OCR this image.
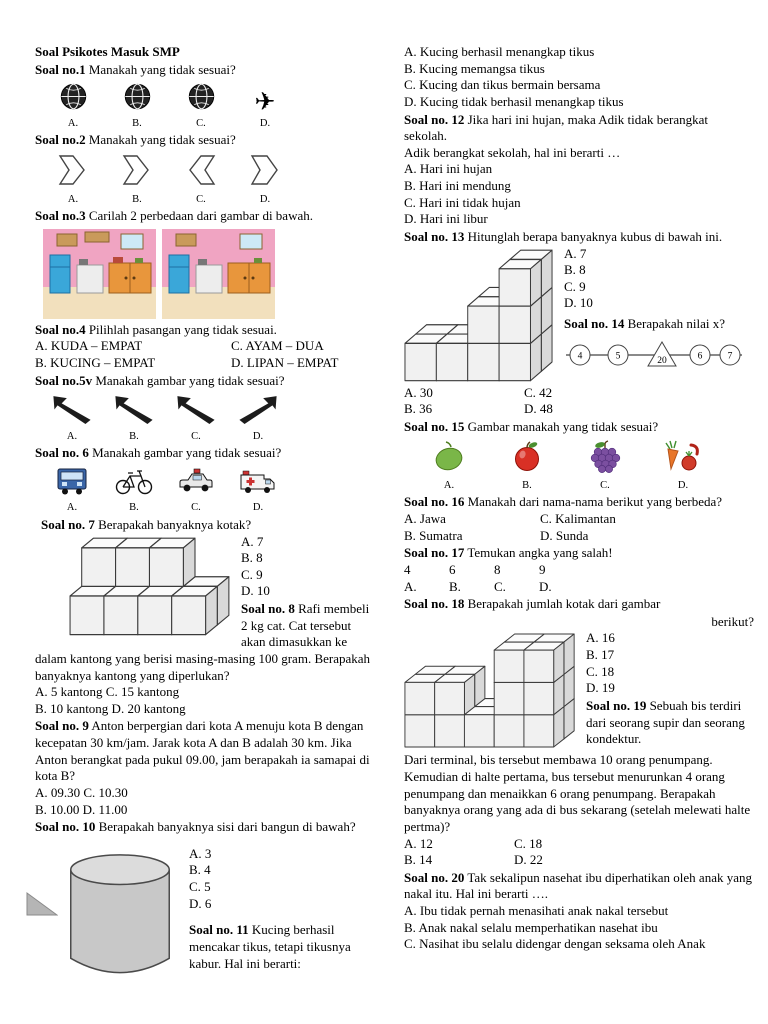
Soal Psikotes Masuk SMP

Soal no.1 Manakah yang tidak sesuai?

A.	B.	C.
✈
D.

Soal no.2 Manakah yang tidak sesuai?

A.	B.	C.	D.

Soal no.3 Carilah 2 perbedaan dari gambar di bawah.

Soal no.4 Pilihlah pasangan yang tidak sesuai.

A. KUDA – EMPAT	C. AYAM – DUA
B. KUCING – EMPAT	D. LIPAN – EMPAT

Soal no.5v Manakah gambar yang tidak sesuai?

A.	B.	C.	D.

Soal no. 6 Manakah gambar yang tidak sesuai?

A.	B.	C.	D.

Soal no. 7 Berapakah banyaknya kotak?

A. 7
B. 8
C. 9
D. 10

Soal no. 8 Rafi membeli 2 kg cat. Cat tersebut akan dimasukkan ke dalam kantong yang berisi masing-masing 100 gram. Berapakah banyaknya kantong yang diperlukan?

A. 5 kantong C. 15 kantong
B. 10 kantong D. 20 kantong

Soal no. 9 Anton berpergian dari kota A menuju kota B dengan kecepatan 30 km/jam. Jarak kota A dan B adalah 30 km. Jika Anton berangkat pada pukul 09.00, jam berapakah ia samapai di kota B?

A. 09.30 C. 10.30
B. 10.00 D. 11.00

Soal no. 10 Berapakah banyaknya sisi dari bangun di bawah?

A. 3
B. 4
C. 5
D. 6

Soal no. 11 Kucing berhasil mencakar tikus, tetapi tikusnya kabur. Hal ini berarti:

A. Kucing berhasil menangkap tikus
B. Kucing memangsa tikus
C. Kucing dan tikus bermain bersama
D. Kucing tidak berhasil menangkap tikus

Soal no. 12 Jika hari ini hujan, maka Adik tidak berangkat sekolah.

Adik berangkat sekolah, hal ini berarti …
A. Hari ini hujan
B. Hari ini mendung
C. Hari ini tidak hujan
D. Hari ini libur

Soal no. 13 Hitunglah berapa banyaknya kubus di bawah ini.

A. 7
B. 8
C. 9
D. 10

Soal no. 14 Berapakah nilai x?

4	5	20	6	7
A. 30	C. 42
B. 36	D. 48

Soal no. 15 Gambar manakah yang tidak sesuai?

A.	B.	C.	D.

Soal no. 16 Manakah dari nama-nama berikut yang berbeda?

A. Jawa	C. Kalimantan
B. Sumatra	D. Sunda

Soal no. 17 Temukan angka yang salah!

4	6	8	9
A. B.	C.	D.

Soal no. 18 Berapakah jumlah kotak dari gambar

berikut?

A. 16
B. 17
C. 18
D. 19

Soal no. 19 Sebuah bis terdiri dari seorang supir dan seorang kondektur.

Dari terminal, bis tersebut membawa 10 orang penumpang. Kemudian di halte pertama, bus tersebut menurunkan 4 orang penumpang dan menaikkan 6 orang penumpang. Berapakah banyaknya orang yang ada di bus sekarang (setelah melewati halte pertma)?

A. 12	C. 18
B. 14	D. 22

Soal no. 20 Tak sekalipun nasehat ibu diperhatikan oleh anak yang nakal itu. Hal ini berarti ….

A. Ibu tidak pernah menasihati anak nakal tersebut
B. Anak nakal selalu memperhatikan nasehat ibu
C. Nasihat ibu selalu didengar dengan seksama oleh Anak
